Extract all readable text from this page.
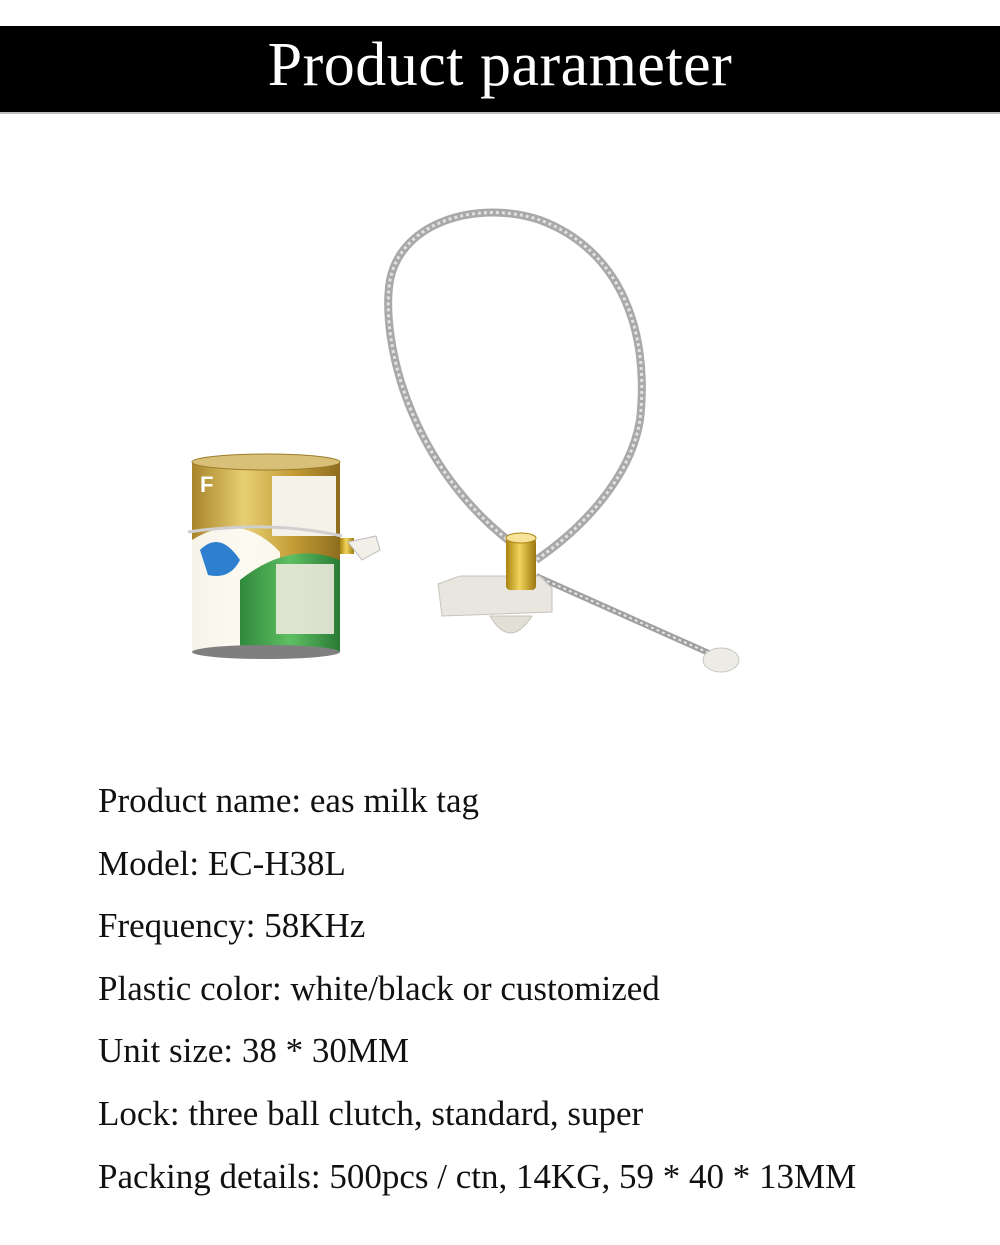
Product parameter
F
Product name: eas milk tag
Model: EC-H38L
Frequency: 58KHz
Plastic color: white/black or customized
Unit size: 38 * 30MM
Lock: three ball clutch, standard, super
Packing details: 500pcs / ctn, 14KG, 59 * 40 * 13MM
